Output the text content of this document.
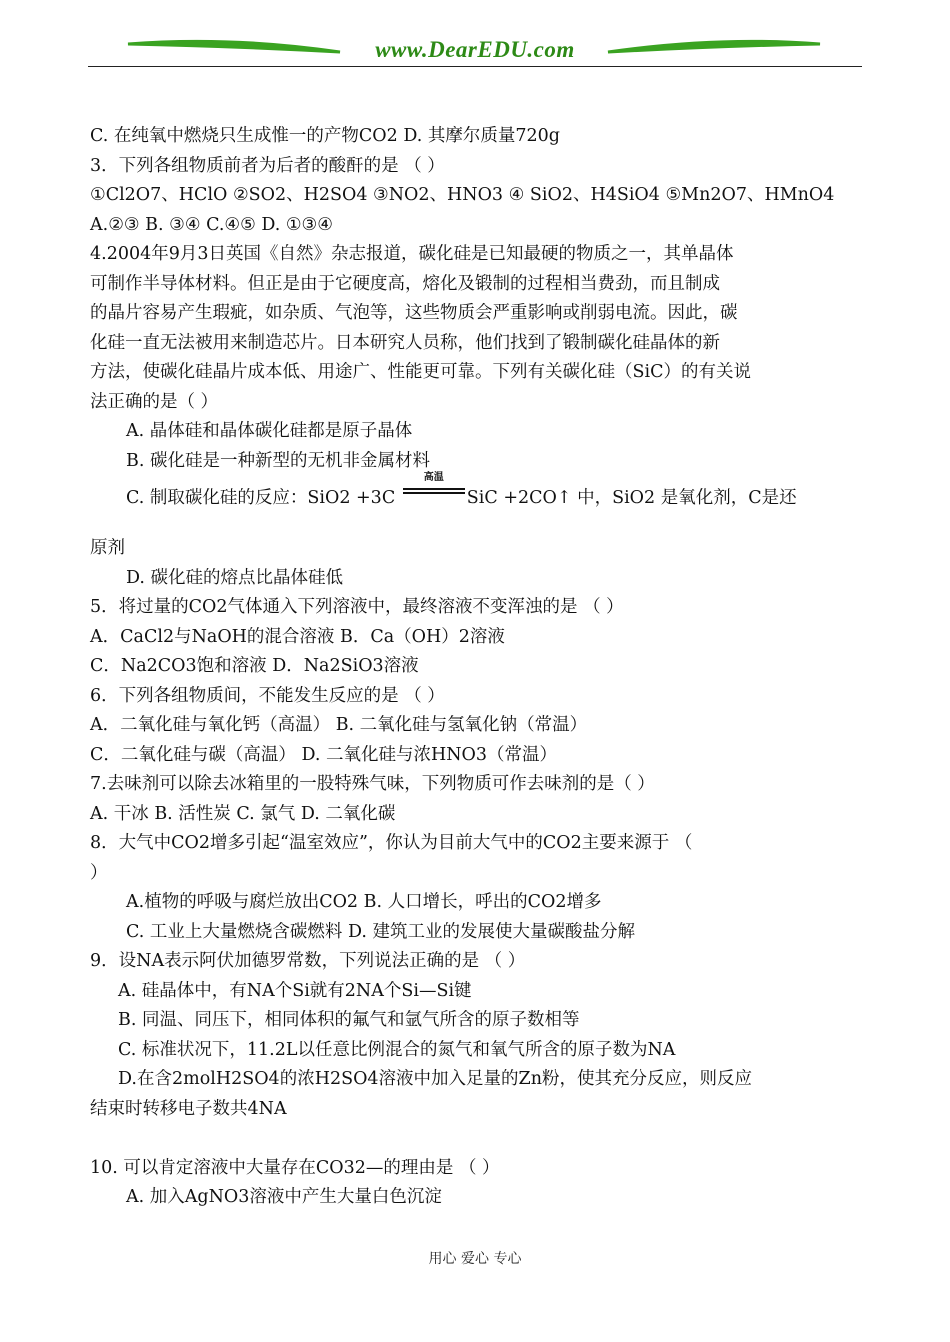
www.DearEDU.com
C. 在纯氧中燃烧只生成惟一的产物CO2 D. 其摩尔质量720g
3．下列各组物质前者为后者的酸酐的是 （ ）
①Cl2O7、HClO ②SO2、H2SO4 ③NO2、HNO3 ④ SiO2、H4SiO4 ⑤Mn2O7、HMnO4
A.②③ B. ③④ C.④⑤ D. ①③④
4.2004年9月3日英国《自然》杂志报道，碳化硅是已知最硬的物质之一，其单晶体
可制作半导体材料。但正是由于它硬度高，熔化及锻制的过程相当费劲，而且制成
的晶片容易产生瑕疵，如杂质、气泡等，这些物质会严重影响或削弱电流。因此，碳
化硅一直无法被用来制造芯片。日本研究人员称，他们找到了锻制碳化硅晶体的新
方法，使碳化硅晶片成本低、用途广、性能更可靠。下列有关碳化硅（SiC）的有关说
法正确的是（ ）
A. 晶体硅和晶体碳化硅都是原子晶体
B. 碳化硅是一种新型的无机非金属材料
C. 制取碳化硅的反应：SiO2 +3C
高温
SiC +2CO↑ 中，SiO2 是氧化剂，C是还
原剂
D. 碳化硅的熔点比晶体硅低
5．将过量的CO2气体通入下列溶液中，最终溶液不变浑浊的是 （ ）
A．CaCl2与NaOH的混合溶液 B．Ca（OH）2溶液
C．Na2CO3饱和溶液 D．Na2SiO3溶液
6．下列各组物质间，不能发生反应的是 （ ）
A．二氧化硅与氧化钙（高温） B. 二氧化硅与氢氧化钠（常温）
C．二氧化硅与碳（高温） D. 二氧化硅与浓HNO3（常温）
7.去味剂可以除去冰箱里的一股特殊气味，下列物质可作去味剂的是（ ）
A. 干冰 B. 活性炭 C. 氯气 D. 二氧化碳
8．大气中CO2增多引起“温室效应”，你认为目前大气中的CO2主要来源于 （
）
A.植物的呼吸与腐烂放出CO2 B. 人口增长，呼出的CO2增多
C. 工业上大量燃烧含碳燃料 D. 建筑工业的发展使大量碳酸盐分解
9．设NA表示阿伏加德罗常数，下列说法正确的是 （ ）
A. 硅晶体中，有NA个Si就有2NA个Si—Si键
B. 同温、同压下，相同体积的氟气和氩气所含的原子数相等
C. 标准状况下，11.2L以任意比例混合的氮气和氧气所含的原子数为NA
D.在含2molH2SO4的浓H2SO4溶液中加入足量的Zn粉，使其充分反应，则反应
结束时转移电子数共4NA
10. 可以肯定溶液中大量存在CO32—的理由是 （ ）
A. 加入AgNO3溶液中产生大量白色沉淀
用心 爱心 专心
